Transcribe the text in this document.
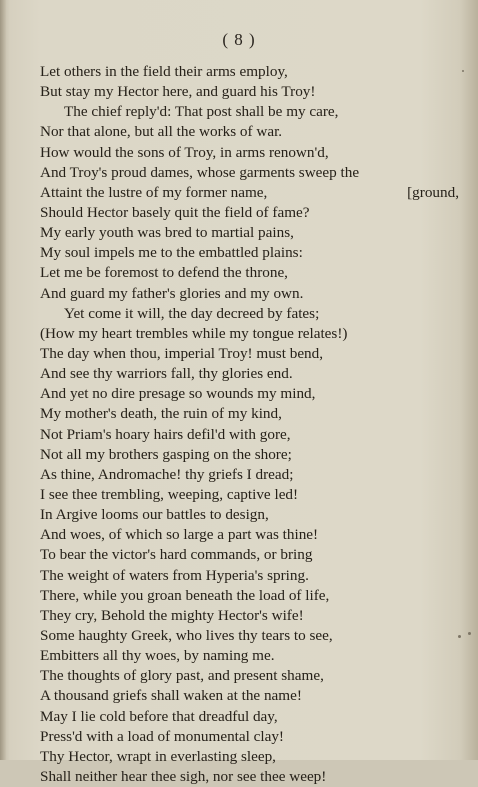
( 8 )
Let others in the field their arms employ,
But stay my Hector here, and guard his Troy!
The chief reply'd: That post shall be my care,
Nor that alone, but all the works of war.
How would the sons of Troy, in arms renown'd,
And Troy's proud dames, whose garments sweep the
Attaint the lustre of my former name,	[ground,
Should Hector basely quit the field of fame?
My early youth was bred to martial pains,
My soul impels me to the embattled plains:
Let me be foremost to defend the throne,
And guard my father's glories and my own.
Yet come it will, the day decreed by fates;
(How my heart trembles while my tongue relates!)
The day when thou, imperial Troy! must bend,
And see thy warriors fall, thy glories end.
And yet no dire presage so wounds my mind,
My mother's death, the ruin of my kind,
Not Priam's hoary hairs defil'd with gore,
Not all my brothers gasping on the shore;
As thine, Andromache! thy griefs I dread;
I see thee trembling, weeping, captive led!
In Argive looms our battles to design,
And woes, of which so large a part was thine!
To bear the victor's hard commands, or bring
The weight of waters from Hyperia's spring.
There, while you groan beneath the load of life,
They cry, Behold the mighty Hector's wife!
Some haughty Greek, who lives thy tears to see,
Embitters all thy woes, by naming me.
The thoughts of glory past, and present shame,
A thousand griefs shall waken at the name!
May I lie cold before that dreadful day,
Press'd with a load of monumental clay!
Thy Hector, wrapt in everlasting sleep,
Shall neither hear thee sigh, nor see thee weep!
